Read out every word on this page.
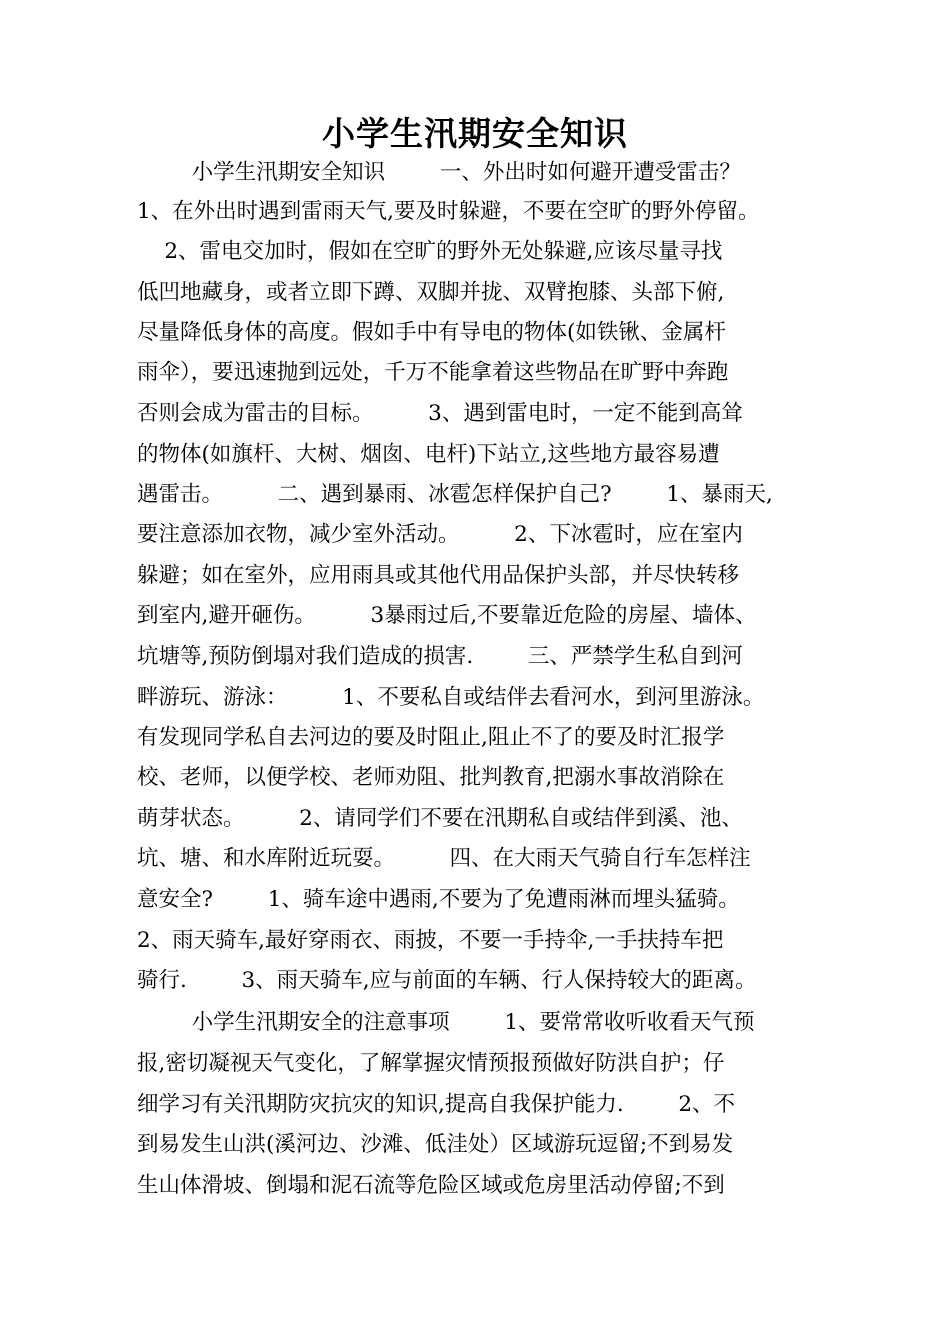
小学生汛期安全知识

小学生汛期安全知识        一、外出时如何避开遭受雷击？

1、在外出时遇到雷雨天气,要及时躲避，不要在空旷的野外停留。

2、雷电交加时，假如在空旷的野外无处躲避,应该尽量寻找

低凹地藏身，或者立即下蹲、双脚并拢、双臂抱膝、头部下俯,

尽量降低身体的高度。假如手中有导电的物体(如铁锹、金属杆

雨伞），要迅速抛到远处，千万不能拿着这些物品在旷野中奔跑

否则会成为雷击的目标。        3、遇到雷电时，一定不能到高耸

的物体(如旗杆、大树、烟囱、电杆)下站立,这些地方最容易遭

遇雷击。        二、遇到暴雨、冰雹怎样保护自己?        1、暴雨天,

要注意添加衣物，减少室外活动。        2、下冰雹时，应在室内

躲避；如在室外，应用雨具或其他代用品保护头部，并尽快转移

到室内,避开砸伤。        3暴雨过后,不要靠近危险的房屋、墙体、

坑塘等,预防倒塌对我们造成的损害.        三、严禁学生私自到河

畔游玩、游泳：        1、不要私自或结伴去看河水，到河里游泳。

有发现同学私自去河边的要及时阻止,阻止不了的要及时汇报学

校、老师，以便学校、老师劝阻、批判教育,把溺水事故消除在

萌芽状态。        2、请同学们不要在汛期私自或结伴到溪、池、

坑、塘、和水库附近玩耍。        四、在大雨天气骑自行车怎样注

意安全?        1、骑车途中遇雨,不要为了免遭雨淋而埋头猛骑。

2、雨天骑车,最好穿雨衣、雨披，不要一手持伞,一手扶持车把

骑行.        3、雨天骑车,应与前面的车辆、行人保持较大的距离。

小学生汛期安全的注意事项        1、要常常收听收看天气预

报,密切凝视天气变化，了解掌握灾情预报预做好防洪自护；仔

细学习有关汛期防灾抗灾的知识,提高自我保护能力.        2、不

到易发生山洪(溪河边、沙滩、低洼处）区域游玩逗留;不到易发

生山体滑坡、倒塌和泥石流等危险区域或危房里活动停留;不到
